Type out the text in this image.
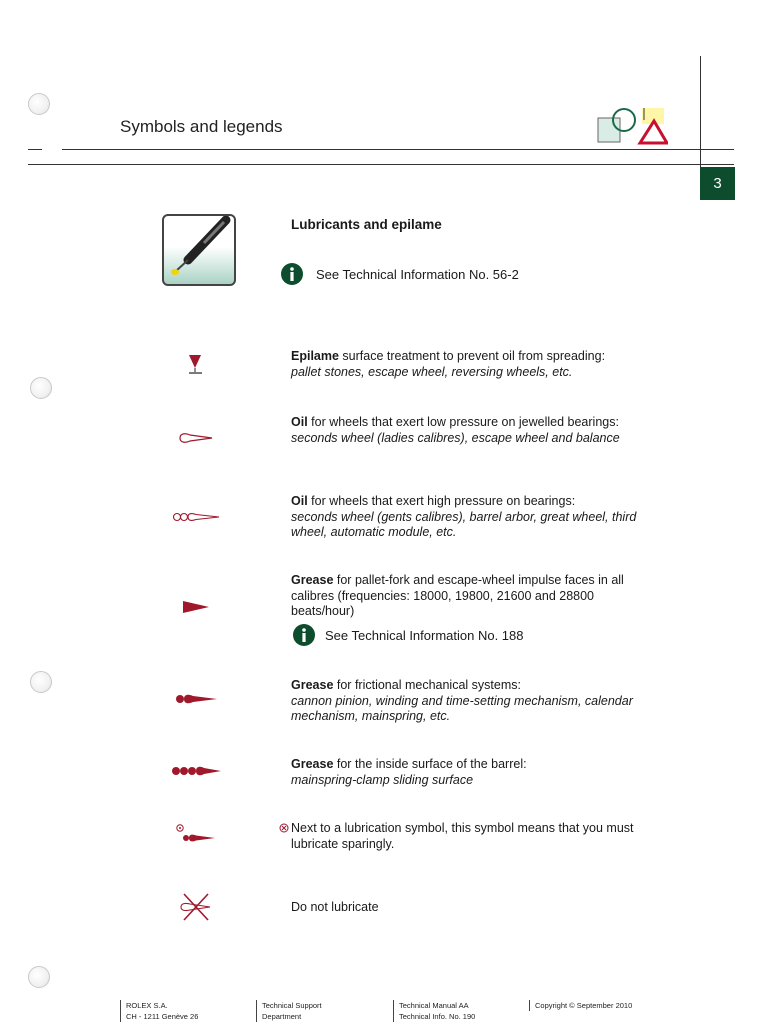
Symbols and legends
3
Lubricants and epilame
See Technical Information No. 56-2
Epilame surface treatment to prevent oil from spreading:
pallet stones, escape wheel, reversing wheels, etc.
Oil for wheels that exert low pressure on jewelled bearings:
seconds wheel (ladies calibres), escape wheel and balance
Oil for wheels that exert high pressure on bearings:
seconds wheel (gents calibres), barrel arbor, great wheel, third wheel, automatic module, etc.
Grease for pallet-fork and escape-wheel impulse faces in all calibres (frequencies: 18000, 19800, 21600 and 28800 beats/hour)
See Technical Information No. 188
Grease for frictional mechanical systems:
cannon pinion, winding and time-setting mechanism, calendar mechanism, mainspring, etc.
Grease for the inside surface of the barrel:
mainspring-clamp sliding surface
Next to a lubrication symbol, this symbol means that you must lubricate sparingly.
Do not lubricate
ROLEX S.A.
CH - 1211 Genève 26
Technical Support
Department
Technical Manual AA
Technical Info. No. 190
Copyright © September 2010
